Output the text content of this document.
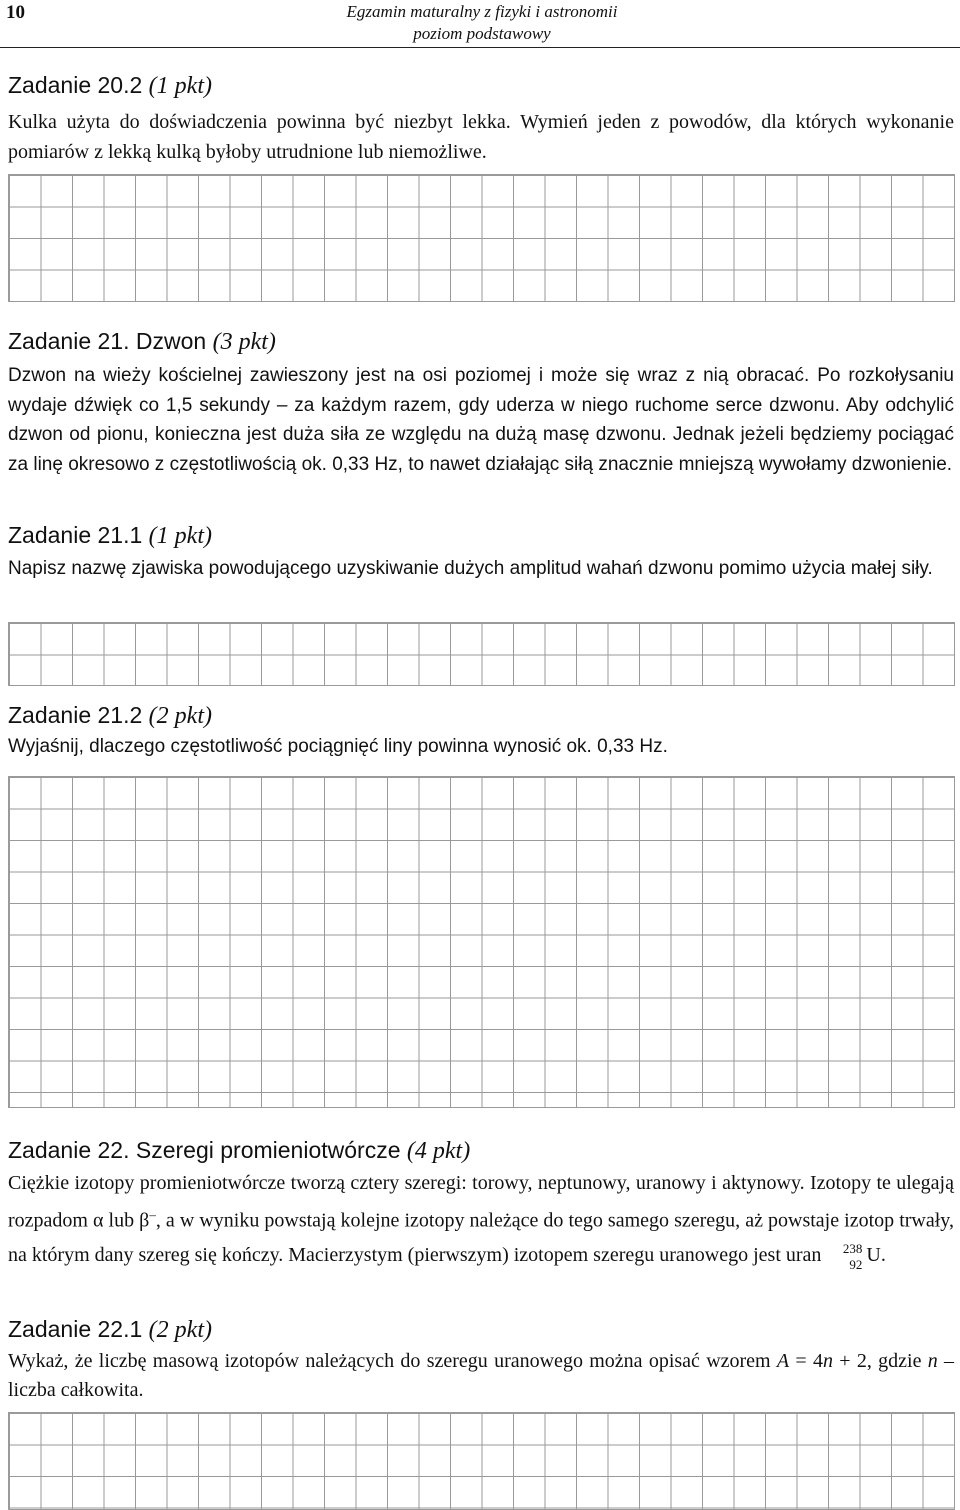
10	Egzamin maturalny z fizyki i astronomii
poziom podstawowy
Zadanie 20.2 (1 pkt)
Kulka użyta do doświadczenia powinna być niezbyt lekka. Wymień jeden z powodów, dla których wykonanie pomiarów z lekką kulką byłoby utrudnione lub niemożliwe.
Zadanie 21. Dzwon (3 pkt)
Dzwon na wieży kościelnej zawieszony jest na osi poziomej i może się wraz z nią obracać. Po rozkołysaniu wydaje dźwięk co 1,5 sekundy – za każdym razem, gdy uderza w niego ruchome serce dzwonu. Aby odchylić dzwon od pionu, konieczna jest duża siła ze względu na dużą masę dzwonu. Jednak jeżeli będziemy pociągać za linę okresowo z częstotliwością ok. 0,33 Hz, to nawet działając siłą znacznie mniejszą wywołamy dzwonienie.
Zadanie 21.1 (1 pkt)
Napisz nazwę zjawiska powodującego uzyskiwanie dużych amplitud wahań dzwonu pomimo użycia małej siły.
Zadanie 21.2 (2 pkt)
Wyjaśnij, dlaczego częstotliwość pociągnięć liny powinna wynosić ok. 0,33 Hz.
Zadanie 22. Szeregi promieniotwórcze (4 pkt)
Ciężkie izotopy promieniotwórcze tworzą cztery szeregi: torowy, neptunowy, uranowy i aktynowy. Izotopy te ulegają rozpadom α lub β–, a w wyniku powstają kolejne izotopy należące do tego samego szeregu, aż powstaje izotop trwały, na którym dany szereg się kończy. Macierzystym (pierwszym) izotopem szeregu uranowego jest uran 238
92 U.
Zadanie 22.1 (2 pkt)
Wykaż, że liczbę masową izotopów należących do szeregu uranowego można opisać wzorem A = 4n + 2, gdzie n – liczba całkowita.
